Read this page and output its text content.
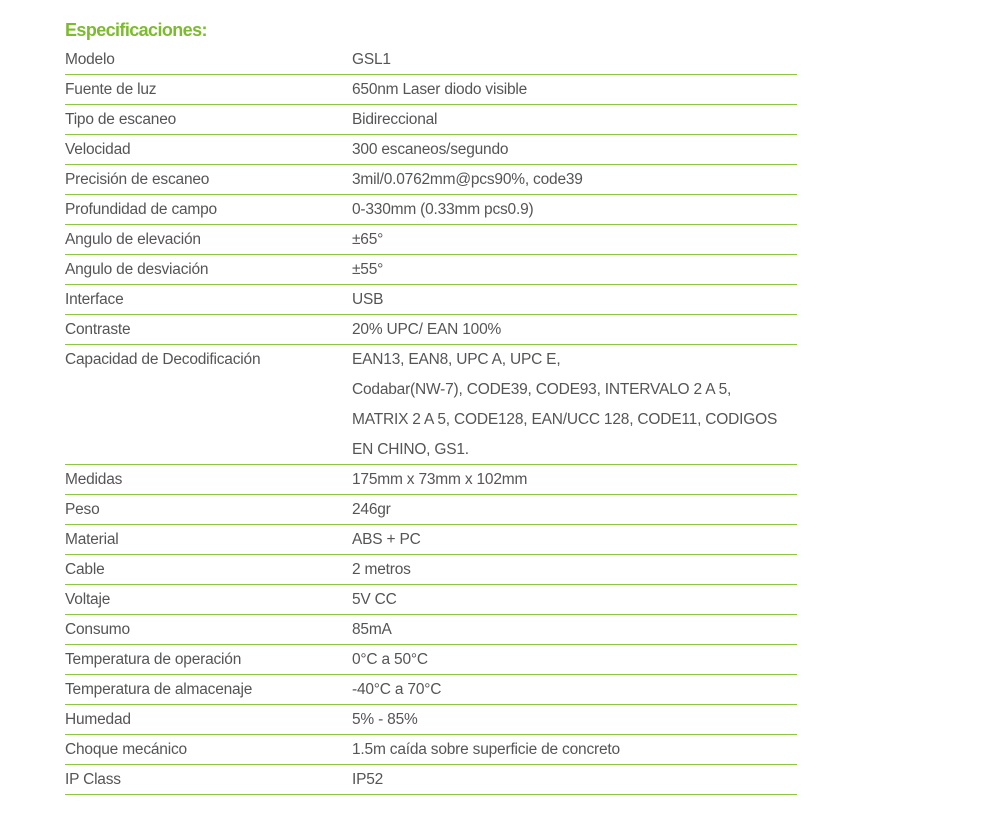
Especificaciones:
Modelo	GSL1
Fuente de luz	650nm Laser diodo visible
Tipo de escaneo	Bidireccional
Velocidad	300 escaneos/segundo
Precisión de escaneo	3mil/0.0762mm@pcs90%, code39
Profundidad de campo	0-330mm (0.33mm pcs0.9)
Angulo de elevación	±65°
Angulo de desviación	±55°
Interface	USB
Contraste	20% UPC/ EAN 100%
Capacidad de Decodificación	EAN13, EAN8, UPC A, UPC E,
Codabar(NW-7), CODE39, CODE93, INTERVALO 2 A 5,
MATRIX 2 A 5, CODE128, EAN/UCC 128, CODE11, CODIGOS
EN CHINO, GS1.
Medidas	175mm x 73mm x 102mm
Peso	246gr
Material	ABS + PC
Cable	2 metros
Voltaje	5V CC
Consumo	85mA
Temperatura de operación	0°C a 50°C
Temperatura de almacenaje	-40°C a 70°C
Humedad	5% - 85%
Choque mecánico	1.5m caída sobre superficie de concreto
IP Class	IP52
